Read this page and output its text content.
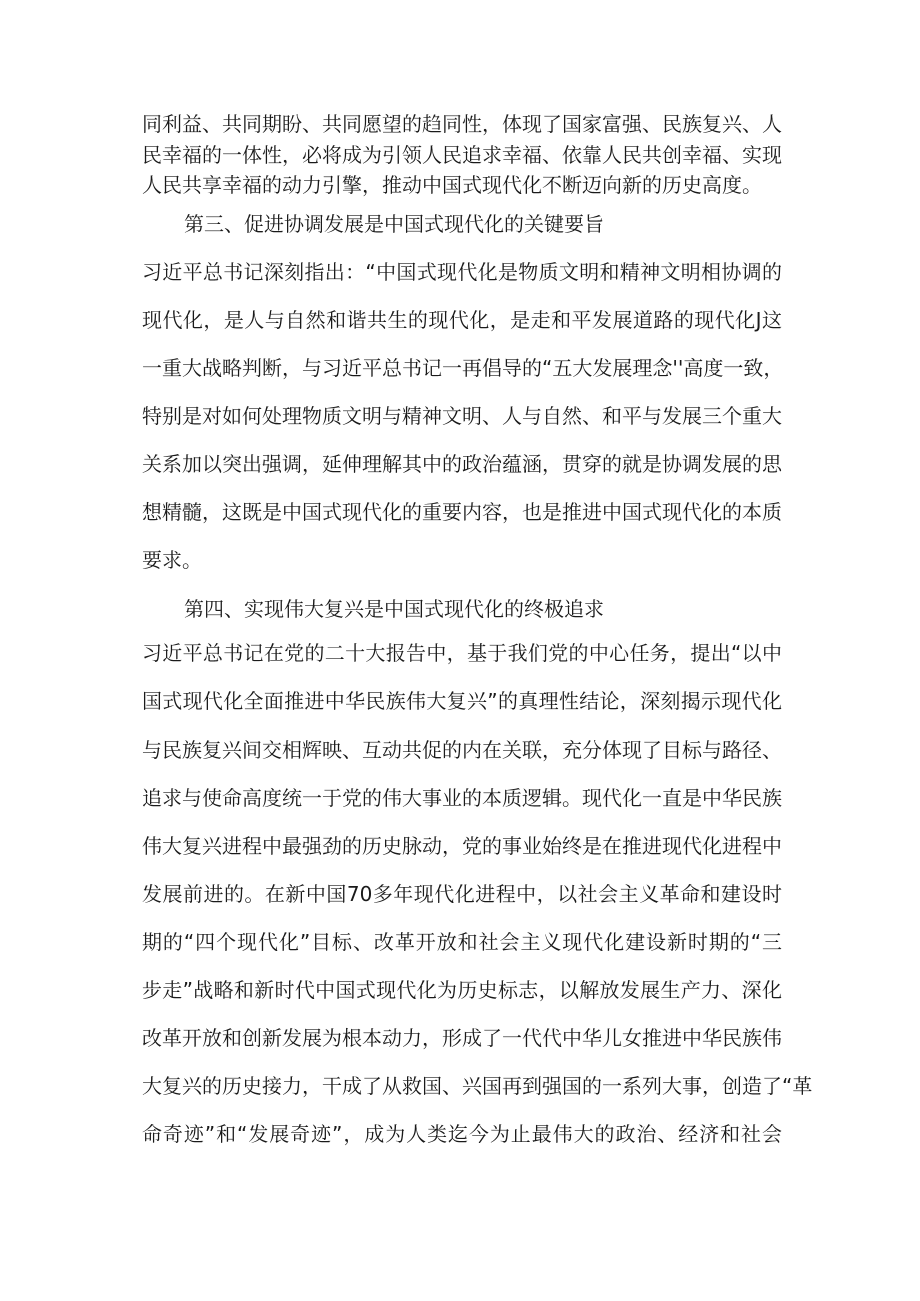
同利益、共同期盼、共同愿望的趋同性，体现了国家富强、民族复兴、人
民幸福的一体性，必将成为引领人民追求幸福、依靠人民共创幸福、实现
人民共享幸福的动力引擎，推动中国式现代化不断迈向新的历史高度。
第三、促进协调发展是中国式现代化的关键要旨
习近平总书记深刻指出：“中国式现代化是物质文明和精神文明相协调的
现代化，是人与自然和谐共生的现代化，是走和平发展道路的现代化J这
一重大战略判断，与习近平总书记一再倡导的“五大发展理念''高度一致，
特别是对如何处理物质文明与精神文明、人与自然、和平与发展三个重大
关系加以突出强调，延伸理解其中的政治蕴涵，贯穿的就是协调发展的思
想精髓，这既是中国式现代化的重要内容，也是推进中国式现代化的本质
要求。
第四、实现伟大复兴是中国式现代化的终极追求
习近平总书记在党的二十大报告中，基于我们党的中心任务，提出“以中
国式现代化全面推进中华民族伟大复兴”的真理性结论，深刻揭示现代化
与民族复兴间交相辉映、互动共促的内在关联，充分体现了目标与路径、
追求与使命高度统一于党的伟大事业的本质逻辑。现代化一直是中华民族
伟大复兴进程中最强劲的历史脉动，党的事业始终是在推进现代化进程中
发展前进的。在新中国70多年现代化进程中，以社会主义革命和建设时
期的“四个现代化”目标、改革开放和社会主义现代化建设新时期的“三
步走”战略和新时代中国式现代化为历史标志，以解放发展生产力、深化
改革开放和创新发展为根本动力，形成了一代代中华儿女推进中华民族伟
大复兴的历史接力，干成了从救国、兴国再到强国的一系列大事，创造了“革
命奇迹”和“发展奇迹”，成为人类迄今为止最伟大的政治、经济和社会
